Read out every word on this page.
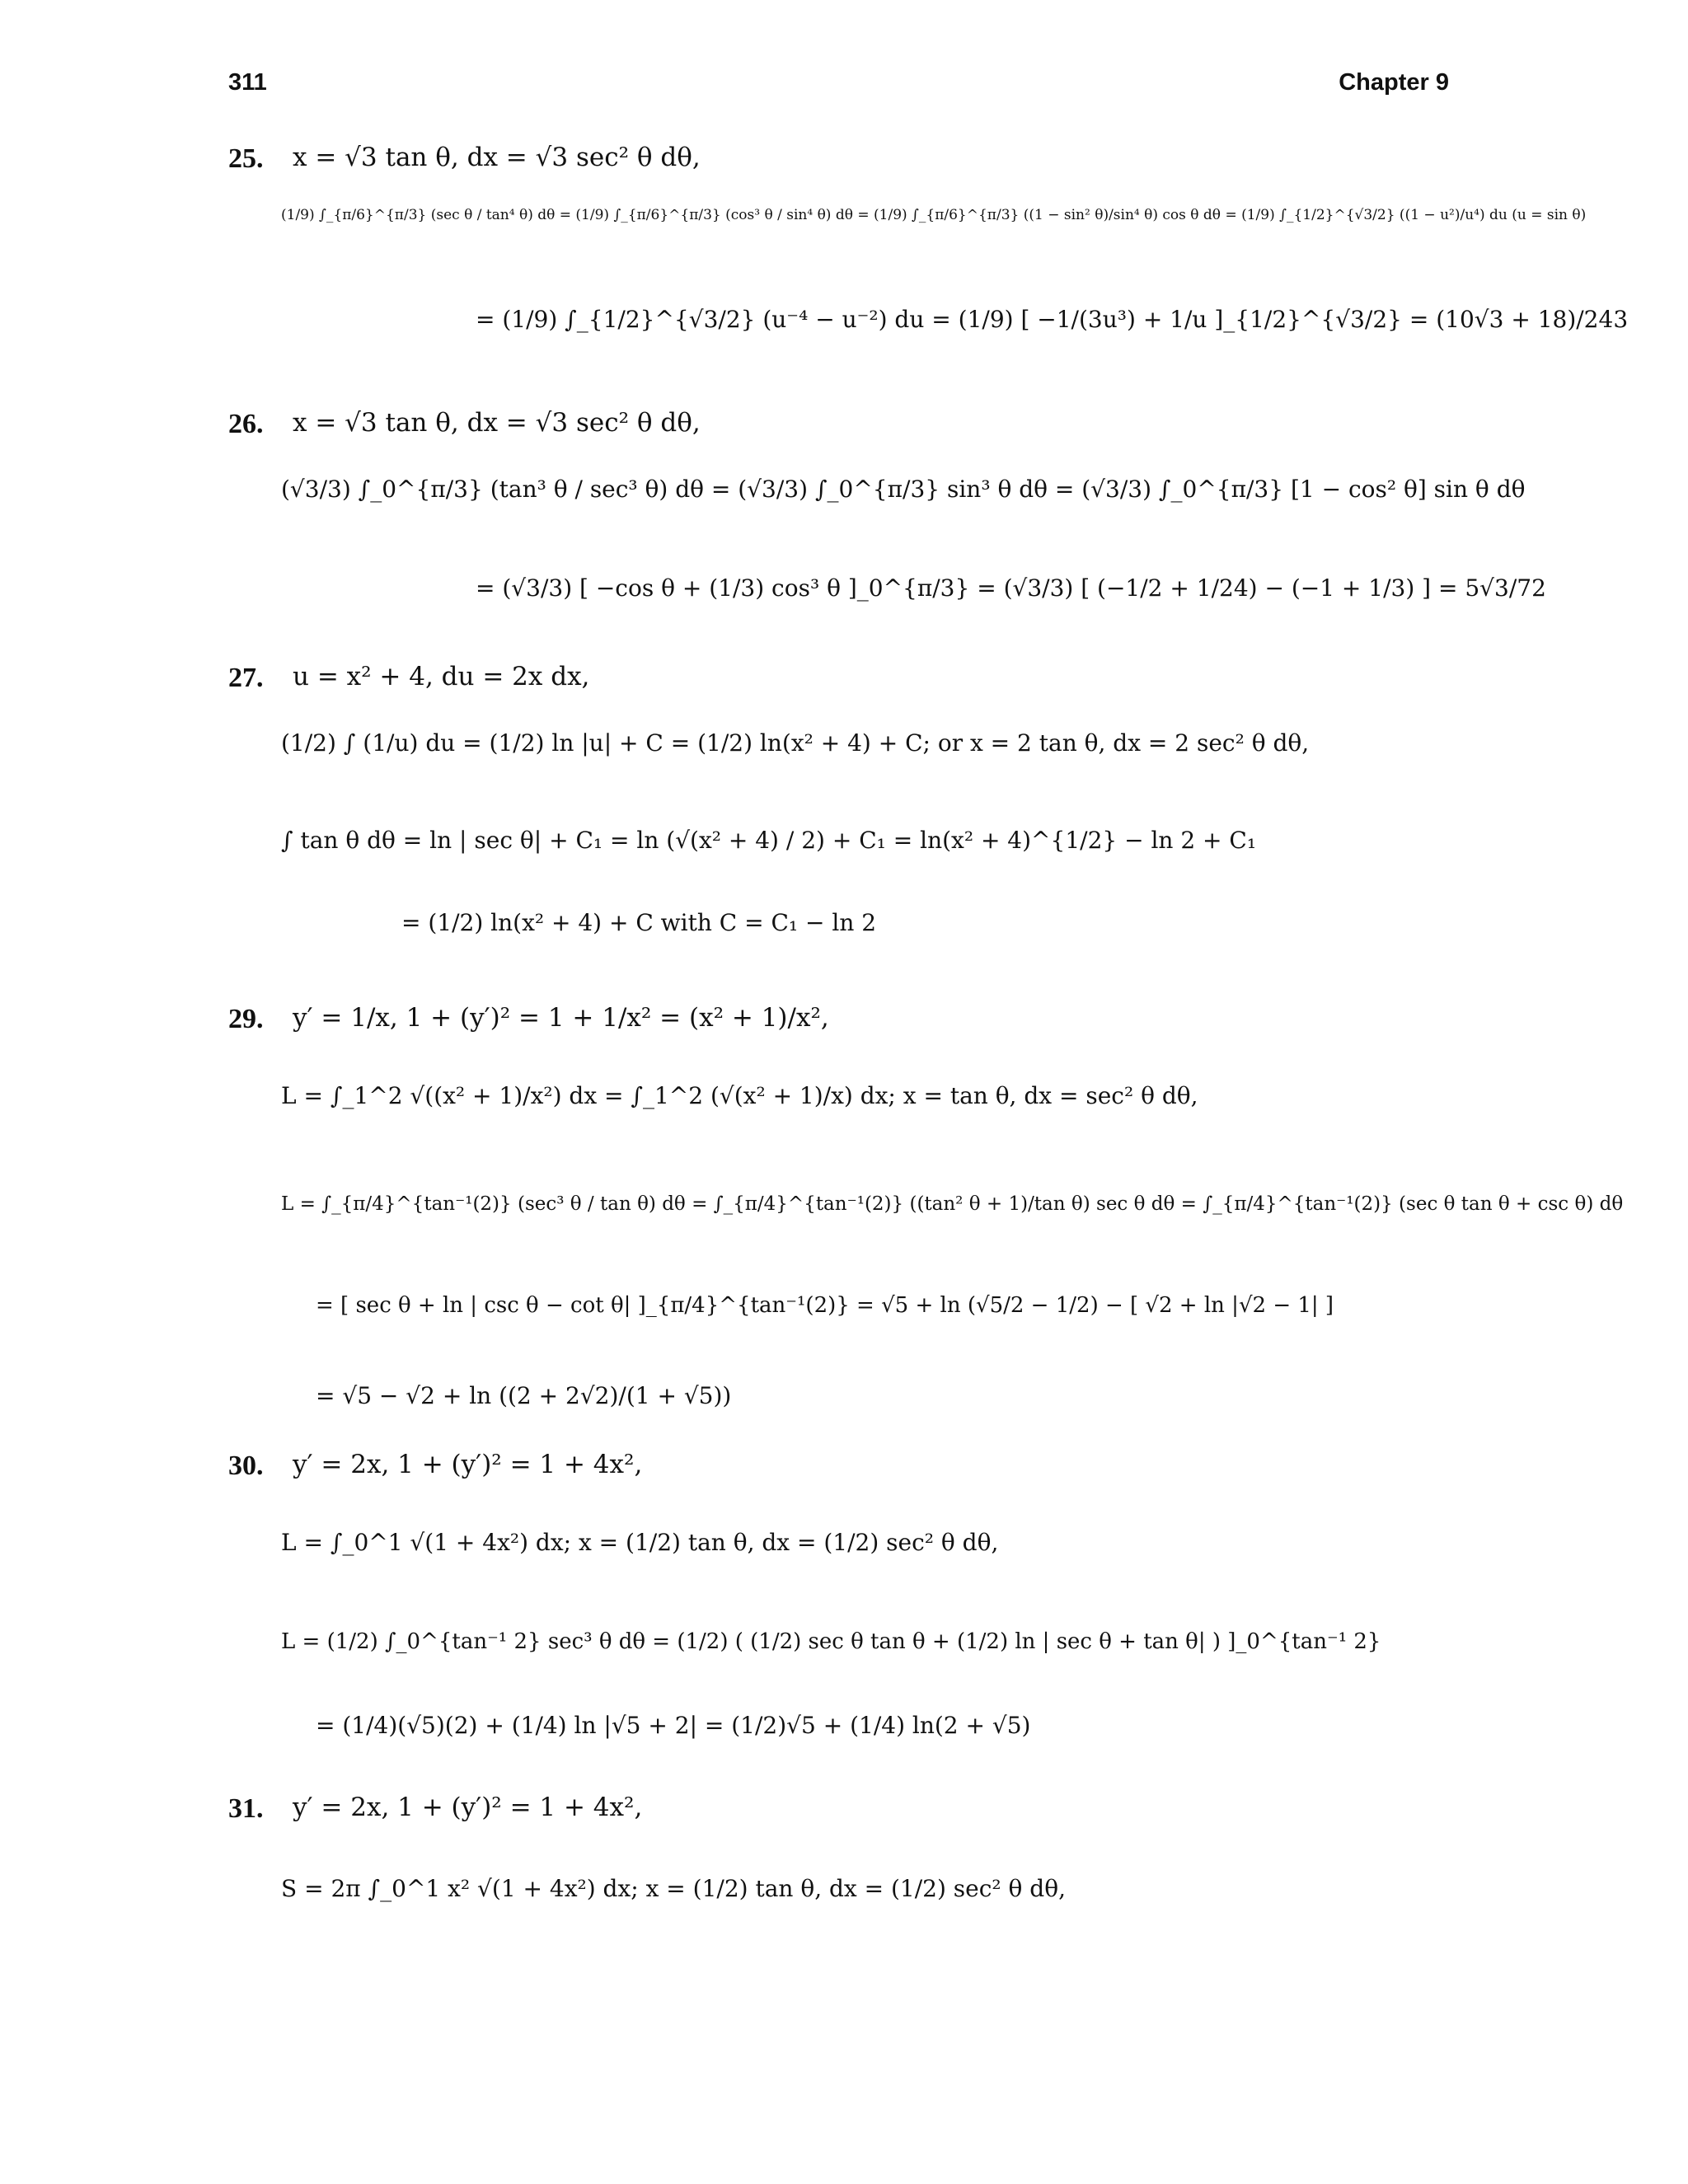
311	Chapter 9
25. x = √3 tan θ, dx = √3 sec² θ dθ,
(1/9) ∫_{π/6}^{π/3} (sec θ / tan⁴ θ) dθ = (1/9) ∫_{π/6}^{π/3} (cos³ θ / sin⁴ θ) dθ = (1/9) ∫_{π/6}^{π/3} ((1 − sin² θ)/sin⁴ θ) cos θ dθ = (1/9) ∫_{1/2}^{√3/2} ((1 − u²)/u⁴) du (u = sin θ)
= (1/9) ∫_{1/2}^{√3/2} (u⁻⁴ − u⁻²) du = (1/9) [ −1/(3u³) + 1/u ]_{1/2}^{√3/2} = (10√3 + 18)/243
26. x = √3 tan θ, dx = √3 sec² θ dθ,
(√3/3) ∫_0^{π/3} (tan³ θ / sec³ θ) dθ = (√3/3) ∫_0^{π/3} sin³ θ dθ = (√3/3) ∫_0^{π/3} [1 − cos² θ] sin θ dθ
= (√3/3) [ −cos θ + (1/3) cos³ θ ]_0^{π/3} = (√3/3) [ (−1/2 + 1/24) − (−1 + 1/3) ] = 5√3/72
27. u = x² + 4, du = 2x dx,
(1/2) ∫ (1/u) du = (1/2) ln |u| + C = (1/2) ln(x² + 4) + C; or x = 2 tan θ, dx = 2 sec² θ dθ,
∫ tan θ dθ = ln | sec θ| + C₁ = ln (√(x² + 4) / 2) + C₁ = ln(x² + 4)^{1/2} − ln 2 + C₁
= (1/2) ln(x² + 4) + C with C = C₁ − ln 2
29. y′ = 1/x, 1 + (y′)² = 1 + 1/x² = (x² + 1)/x²,
L = ∫_1^2 √((x² + 1)/x²) dx = ∫_1^2 (√(x² + 1)/x) dx; x = tan θ, dx = sec² θ dθ,
L = ∫_{π/4}^{tan⁻¹(2)} (sec³ θ / tan θ) dθ = ∫_{π/4}^{tan⁻¹(2)} ((tan² θ + 1)/tan θ) sec θ dθ = ∫_{π/4}^{tan⁻¹(2)} (sec θ tan θ + csc θ) dθ
= [ sec θ + ln | csc θ − cot θ| ]_{π/4}^{tan⁻¹(2)} = √5 + ln (√5/2 − 1/2) − [ √2 + ln |√2 − 1| ]
= √5 − √2 + ln ((2 + 2√2)/(1 + √5))
30. y′ = 2x, 1 + (y′)² = 1 + 4x²,
L = ∫_0^1 √(1 + 4x²) dx; x = (1/2) tan θ, dx = (1/2) sec² θ dθ,
L = (1/2) ∫_0^{tan⁻¹ 2} sec³ θ dθ = (1/2) ( (1/2) sec θ tan θ + (1/2) ln | sec θ + tan θ| ) ]_0^{tan⁻¹ 2}
= (1/4)(√5)(2) + (1/4) ln |√5 + 2| = (1/2)√5 + (1/4) ln(2 + √5)
31. y′ = 2x, 1 + (y′)² = 1 + 4x²,
S = 2π ∫_0^1 x² √(1 + 4x²) dx; x = (1/2) tan θ, dx = (1/2) sec² θ dθ,
